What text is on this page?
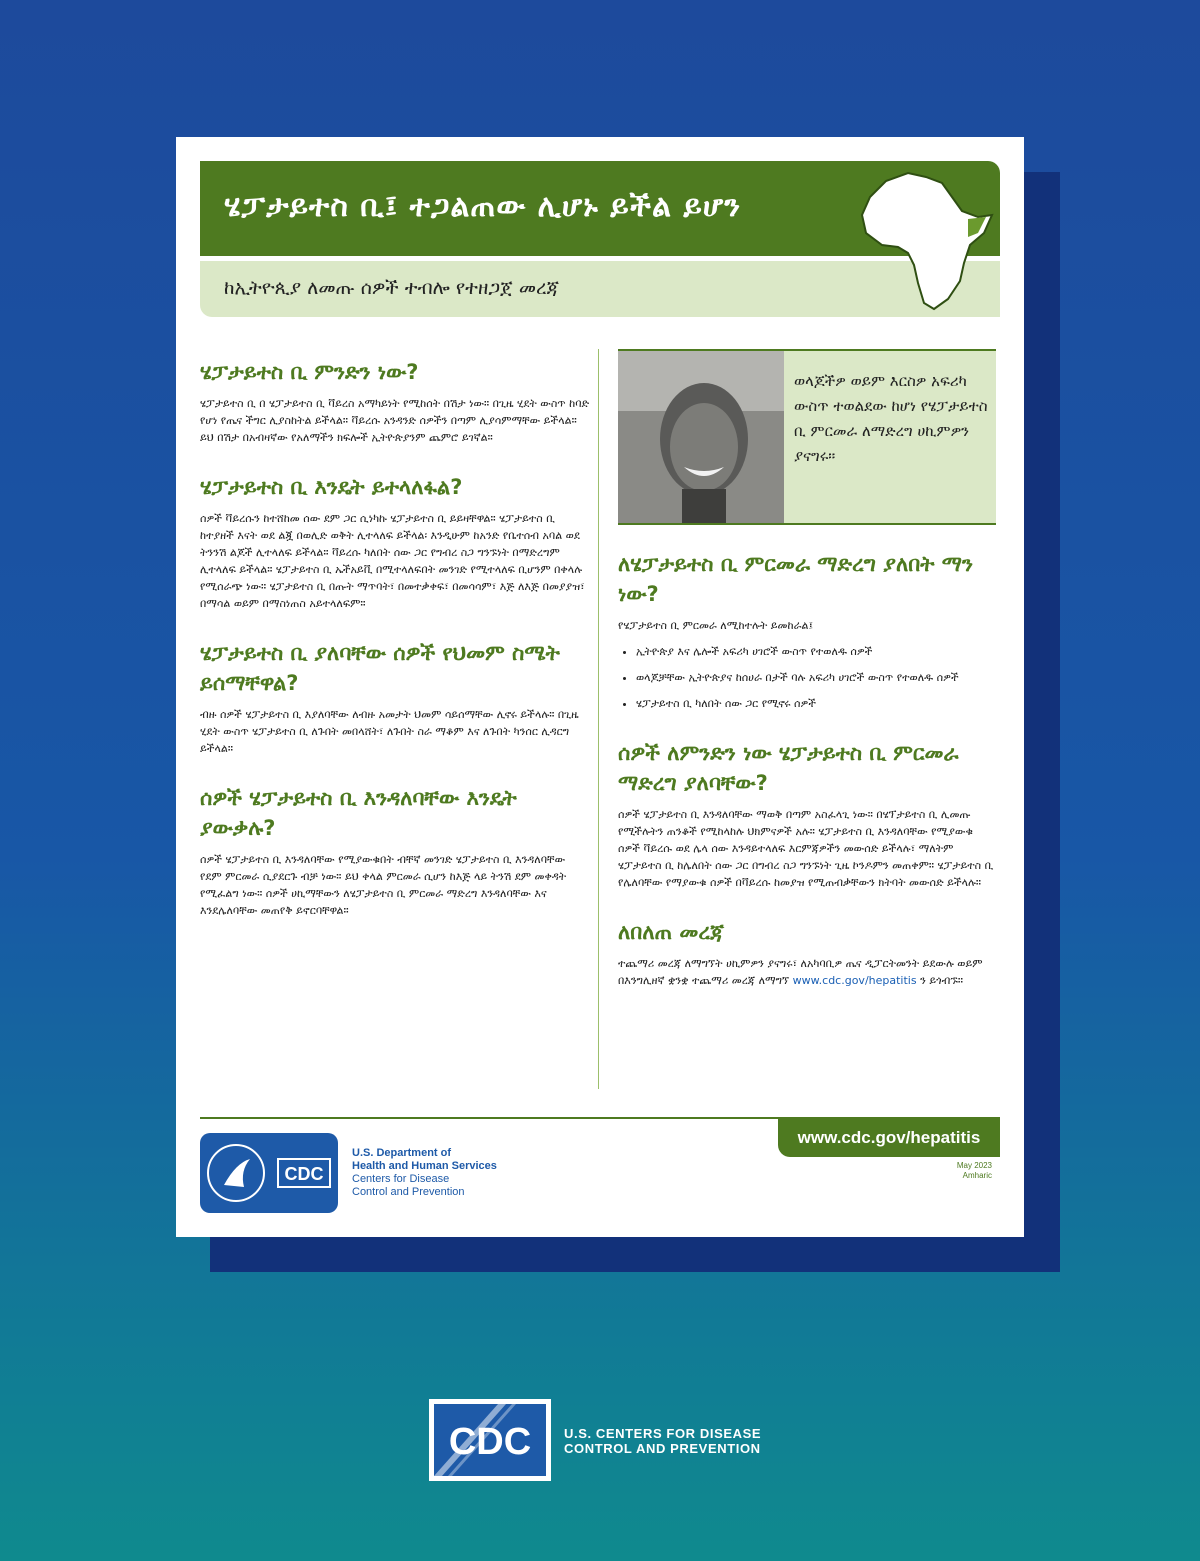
ሄፓታይተስ ቢ፤ ተጋልጠው ሊሆኑ ይችል ይሆን
ከኢትዮጲያ ለመጡ ሰዎች ተብሎ የተዘጋጀ መረጃ
ሄፓታይተስ ቢ ምንድን ነው?

ሄፓታይተስ ቢ በ ሄፓታይተስ ቢ ቫይረስ አማካይነት የሚከሰት በሽታ ነው። በጊዜ ሂደት ውስጥ ከባድ የሆነ የጤና ችግር ሊያስከትል ይችላል። ቫይረሱ አንዳንድ ሰዎችን በጣም ሊያሳምማቸው ይችላል። ይህ በሽታ በአብዛኛው የአለማችን ክፍሎች ኢትዮጵያንም ጨምሮ ይገኛል።

ሄፓታይተስ ቢ እንዴት ይተላለፋል?

ሰዎች ቫይረሱን ከተሸከመ ሰው ደም ጋር ሲነካኩ ሄፓታይተስ ቢ ይይዛቸዋል። ሄፓታይተስ ቢ ከተያዘች እናት ወደ ልጇ በወሊድ ወቅት ሊተላለፍ ይችላል፡ እንዲሁም ከአንድ የቤተሰብ አባል ወደ ትንንሽ ልጆች ሊተላለፍ ይችላል። ቫይረሱ ካለበት ሰው ጋር የግብረ ስጋ ግንኙነት በማድረግም ሊተላለፍ ይችላል። ሄፓታይተስ ቢ ኤችአይቪ በሚተላለፍበት መንገድ የሚተላለፍ ቢሆንም በቀላሉ የሚሰራጭ ነው። ሄፓታይተስ ቢ በጡት ማጥባት፣ በመተቃቀፍ፣ በመሳሳም፣ እጅ ለእጅ በመያያዝ፣ በማሳል ወይም በማስነጠስ አይተላለፍም።

ሄፓታይተስ ቢ ያለባቸው ሰዎች የህመም ስሜት ይሰማቸዋል?

ብዙ ሰዎች ሄፓታይተስ ቢ እያለባቸው ለብዙ አመታት ህመም ሳይሰማቸው ሊኖሩ ይችላሉ። በጊዜ ሂደት ውስጥ ሄፓታይተስ ቢ ለጉበት መበላሸት፣ ለጉበት ስራ ማቆም እና ለጉበት ካንሰር ሊዳርግ ይችላል።

ሰዎች ሄፓታይተስ ቢ እንዳለባቸው እንዴት ያውቃሉ?

ሰዎች ሄፓታይተስ ቢ እንዳለባቸው የሚያውቁበት ብቸኛ መንገድ ሄፓታይተስ ቢ እንዳለባቸው የደም ምርመራ ሲያደርጉ ብቻ ነው። ይህ ቀላል ምርመራ ሲሆን ከእጅ ላይ ትንሽ ደም መቀዳት የሚፈልግ ነው። ሰዎች ሀኪማቸውን ለሄፓታይተስ ቢ ምርመራ ማድረግ እንዳለባቸው እና እንደሌለባቸው መጠየቅ ይኖርባቸዋል።

ወላጆችዎ ወይም እርስዎ አፍሪካ ውስጥ ተወልደው ከሆነ የሄፓታይተስ ቢ ምርመራ ለማድረግ ሀኪምዎን ያናግሩ።
ለሄፓታይተስ ቢ ምርመራ ማድረግ ያለበት ማን ነው?

የሄፓታይተስ ቢ ምርመራ ለሚከተሉት ይመከራል፤

• ኢትዮጵያ እና ሌሎች አፍሪካ ሀገሮች ውስጥ የተወለዱ ሰዎች
• ወላጆቻቸው ኢትዮጵያና ከሰሀራ በታች ባሉ አፍሪካ ሀገሮች ውስጥ የተወለዱ ሰዎች
• ሄፓታይተስ ቢ ካለበት ሰው ጋር የሚኖሩ ሰዎች
ሰዎች ለምንድን ነው ሄፓታይተስ ቢ ምርመራ ማድረግ ያለባቸው?

ሰዎች ሄፓታይተስ ቢ እንዳለባቸው ማወቅ በጣም አስፈላጊ ነው። በሄፕታይተስ ቢ ሊመጡ የሚችሉትን ጠንቆች የሚከላከሉ ህክምናዎች አሉ። ሄፓታይተስ ቢ እንዳለባቸው የሚያውቁ ሰዎች ቫይረሱ ወደ ሌላ ሰው እንዳይተላለፍ እርምጃዎችን መውሰድ ይችላሉ፣ ማለትም ሄፓታይተስ ቢ ከሌለበት ሰው ጋር በግብረ ስጋ ግንኙነት ጊዜ ኮንዶምን መጠቀም። ሄፓታይተስ ቢ የሌለባቸው የማያውቁ ሰዎች በቫይረሱ ከመያዝ የሚጠብቃቸውን ክትባት መውሰድ ይችላሉ።

ለበለጠ መረጃ

ተጨማሪ መረጃ ለማግኘት ሀኪምዎን ያናግሩ፣ ለአካባቢዎ ጤና ዲፓርትመንት ይደውሉ ወይም በእንግሊዘኛ ቋንቋ ተጨማሪ መረጃ ለማግኘ www.cdc.gov/hepatitis ን ይጎብኙ።

www.cdc.gov/hepatitis
May 2023
Amharic
CDC
U.S. Department of
Health and Human Services
Centers for Disease
Control and Prevention
CDC	U.S. CENTERS FOR DISEASE
CONTROL AND PREVENTION
